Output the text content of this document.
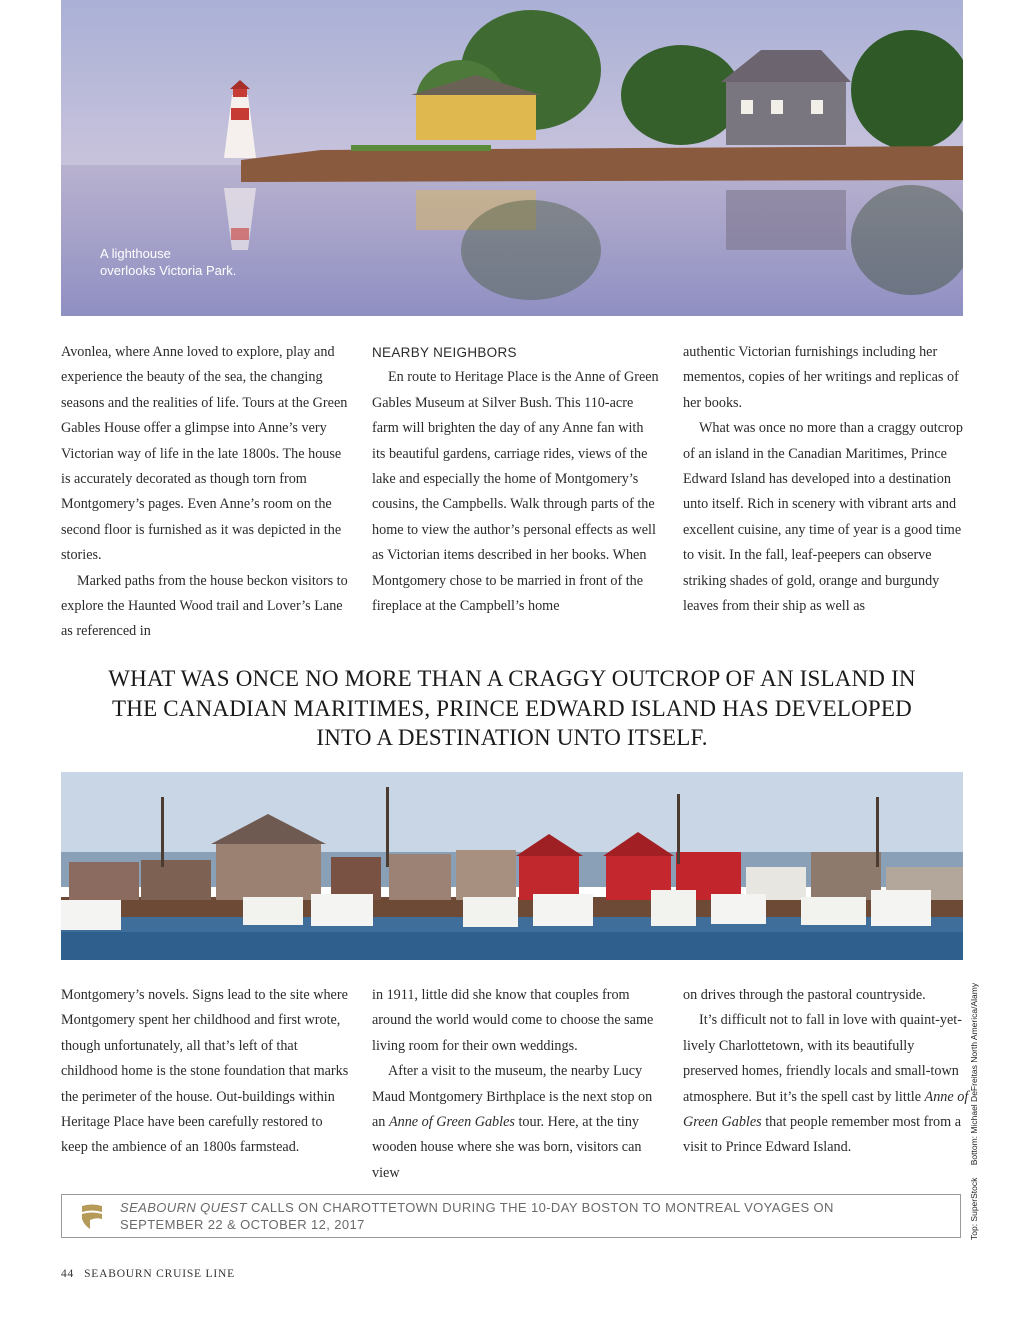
A lighthouse
overlooks Victoria Park.

Avonlea, where Anne loved to explore, play and experience the beauty of the sea, the changing seasons and the realities of life. Tours at the Green Gables House offer a glimpse into Anne’s very Victorian way of life in the late 1800s. The house is accurately decorated as though torn from Montgomery’s pages. Even Anne’s room on the second floor is furnished as it was depicted in the stories.

Marked paths from the house beckon visitors to explore the Haunted Wood trail and Lover’s Lane as referenced in

NEARBY NEIGHBORS

En route to Heritage Place is the Anne of Green Gables Museum at Silver Bush. This 110-acre farm will brighten the day of any Anne fan with its beautiful gardens, carriage rides, views of the lake and especially the home of Montgomery’s cousins, the Campbells. Walk through parts of the home to view the author’s personal effects as well as Victorian items described in her books. When Montgomery chose to be married in front of the fireplace at the Campbell’s home

authentic Victorian furnishings including her mementos, copies of her writings and replicas of her books.

What was once no more than a craggy outcrop of an island in the Canadian Maritimes, Prince Edward Island has developed into a destination unto itself. Rich in scenery with vibrant arts and excellent cuisine, any time of year is a good time to visit. In the fall, leaf-peepers can observe striking shades of gold, orange and burgundy leaves from their ship as well as

WHAT WAS ONCE NO MORE THAN A CRAGGY OUTCROP OF AN ISLAND IN THE CANADIAN MARITIMES, PRINCE EDWARD ISLAND HAS DEVELOPED INTO A DESTINATION UNTO ITSELF.

Montgomery’s novels. Signs lead to the site where Montgomery spent her childhood and first wrote, though unfortunately, all that’s left of that childhood home is the stone foundation that marks the perimeter of the house. Out-buildings within Heritage Place have been carefully restored to keep the ambience of an 1800s farmstead.

in 1911, little did she know that couples from around the world would come to choose the same living room for their own weddings.

After a visit to the museum, the nearby Lucy Maud Montgomery Birthplace is the next stop on an Anne of Green Gables tour. Here, at the tiny wooden house where she was born, visitors can view

on drives through the pastoral countryside.

It’s difficult not to fall in love with quaint-yet-lively Charlottetown, with its beautifully preserved homes, friendly locals and small-town atmosphere. But it’s the spell cast by little Anne of Green Gables that people remember most from a visit to Prince Edward Island.

SEABOURN QUEST CALLS ON CHAROTTETOWN DURING THE 10-DAY BOSTON TO MONTREAL VOYAGES ON
SEPTEMBER 22 & OCTOBER 12, 2017	Top: SuperStock Bottom: Michael DeFreitas North America/Alamy
44 SEABOURN CRUISE LINE
